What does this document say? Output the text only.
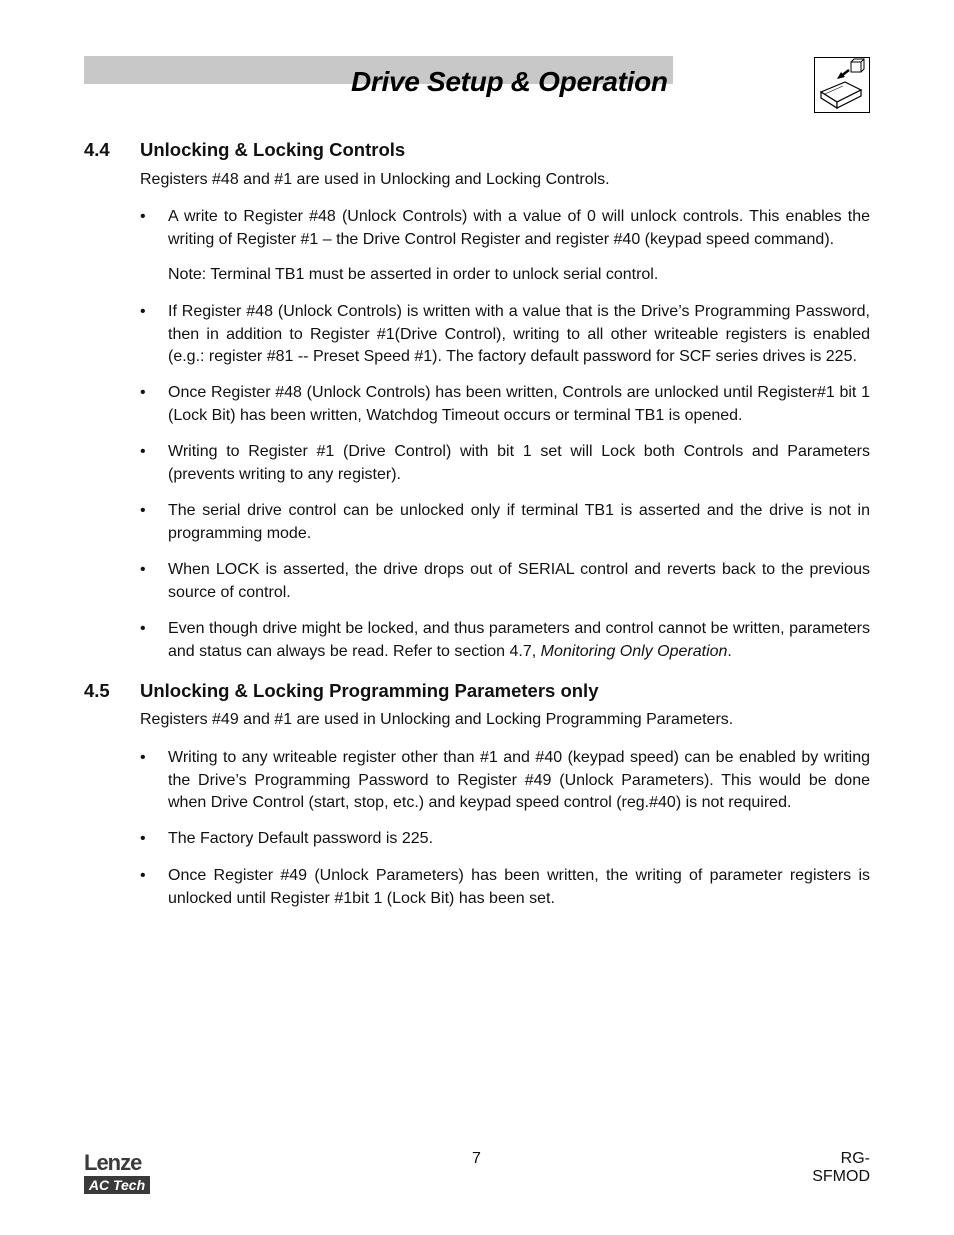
Drive Setup & Operation
4.4 Unlocking & Locking Controls
Registers #48 and #1 are used in Unlocking and Locking Controls.
• A write to Register #48 (Unlock Controls) with a value of 0 will unlock controls. This enables the writing of Register #1 – the Drive Control Register and register #40 (keypad speed command).
Note: Terminal TB1 must be asserted in order to unlock serial control.
• If Register #48 (Unlock Controls) is written with a value that is the Drive’s Programming Password, then in addition to Register #1(Drive Control), writing to all other writeable registers is enabled (e.g.: register #81 -- Preset Speed #1). The factory default password for SCF series drives is 225.
• Once Register #48 (Unlock Controls) has been written, Controls are unlocked until Register#1 bit 1 (Lock Bit) has been written, Watchdog Timeout occurs or terminal TB1 is opened.
• Writing to Register #1 (Drive Control) with bit 1 set will Lock both Controls and Parameters (prevents writing to any register).
• The serial drive control can be unlocked only if terminal TB1 is asserted and the drive is not in programming mode.
• When LOCK is asserted, the drive drops out of SERIAL control and reverts back to the previous source of control.
• Even though drive might be locked, and thus parameters and control cannot be written, parameters and status can always be read. Refer to section 4.7, Monitoring Only Operation.
4.5 Unlocking & Locking Programming Parameters only
Registers #49 and #1 are used in Unlocking and Locking Programming Parameters.
• Writing to any writeable register other than #1 and #40 (keypad speed) can be enabled by writing the Drive’s Programming Password to Register #49 (Unlock Parameters). This would be done when Drive Control (start, stop, etc.) and keypad speed control (reg.#40) is not required.
• The Factory Default password is 225.
• Once Register #49 (Unlock Parameters) has been written, the writing of parameter registers is unlocked until Register #1bit 1 (Lock Bit) has been set.
Lenze
AC Tech
7	RG-SFMOD
